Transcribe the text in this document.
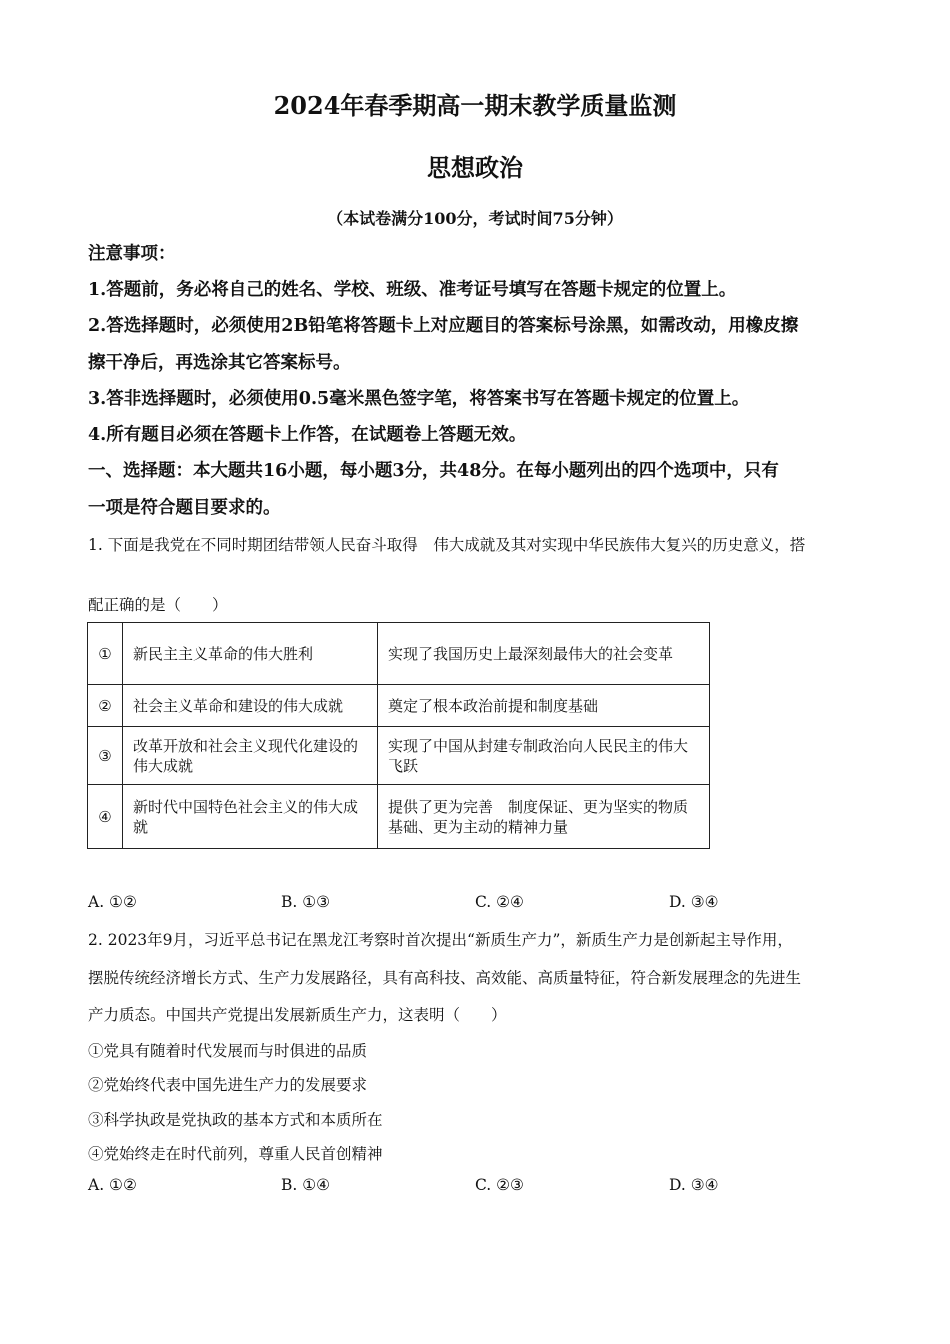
2024年春季期高一期末教学质量监测
思想政治
（本试卷满分100分，考试时间75分钟）
注意事项：
1.答题前，务必将自己的姓名、学校、班级、准考证号填写在答题卡规定的位置上。
2.答选择题时，必须使用2B铅笔将答题卡上对应题目的答案标号涂黑，如需改动，用橡皮擦
擦干净后，再选涂其它答案标号。
3.答非选择题时，必须使用0.5毫米黑色签字笔，将答案书写在答题卡规定的位置上。
4.所有题目必须在答题卡上作答，在试题卷上答题无效。
一、选择题：本大题共16小题，每小题3分，共48分。在每小题列出的四个选项中，只有
一项是符合题目要求的。
1. 下面是我党在不同时期团结带领人民奋斗取得　伟大成就及其对实现中华民族伟大复兴的历史意义，搭
配正确的是（　　）
①	新民主主义革命的伟大胜利	实现了我国历史上最深刻最伟大的社会变革
②	社会主义革命和建设的伟大成就	奠定了根本政治前提和制度基础
③	改革开放和社会主义现代化建设的伟大成就	实现了中国从封建专制政治向人民民主的伟大飞跃
④	新时代中国特色社会主义的伟大成就	提供了更为完善　制度保证、更为坚实的物质基础、更为主动的精神力量
A. ①②	B. ①③	C. ②④	D. ③④
2. 2023年9月，习近平总书记在黑龙江考察时首次提出“新质生产力”，新质生产力是创新起主导作用，
摆脱传统经济增长方式、生产力发展路径，具有高科技、高效能、高质量特征，符合新发展理念的先进生
产力质态。中国共产党提出发展新质生产力，这表明（　　）
①党具有随着时代发展而与时俱进的品质
②党始终代表中国先进生产力的发展要求
③科学执政是党执政的基本方式和本质所在
④党始终走在时代前列，尊重人民首创精神
A. ①②	B. ①④	C. ②③	D. ③④
